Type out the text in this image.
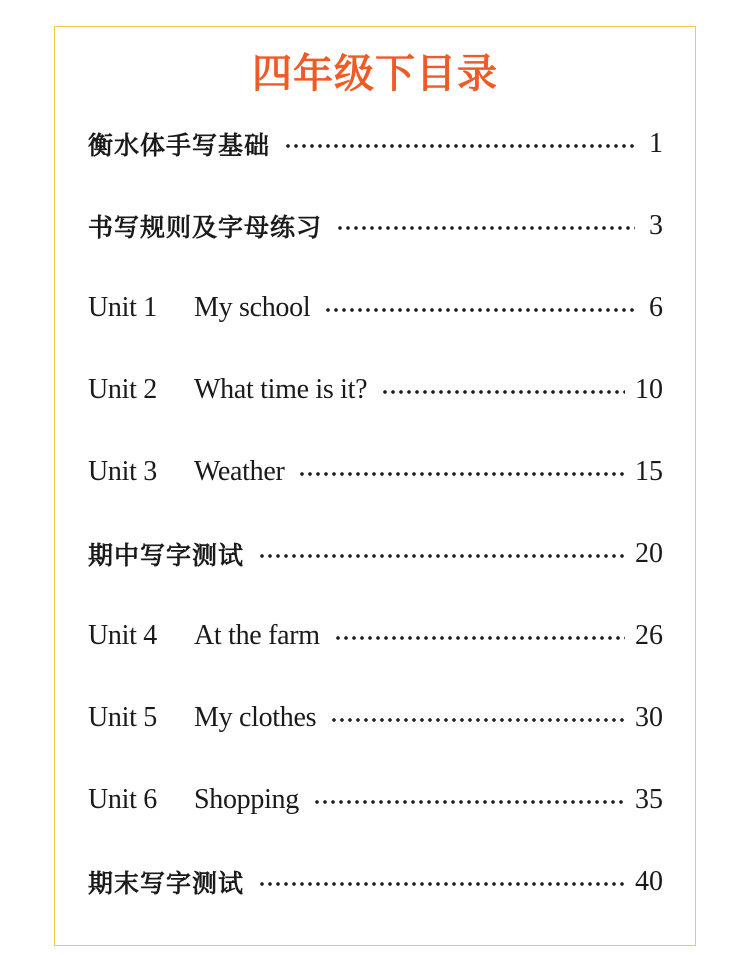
四年级下目录
衡水体手写基础	1
书写规则及字母练习	3
Unit 1 My school	6
Unit 2 What time is it?	10
Unit 3 Weather	15
期中写字测试	20
Unit 4 At the farm	26
Unit 5 My clothes	30
Unit 6 Shopping	35
期末写字测试	40
